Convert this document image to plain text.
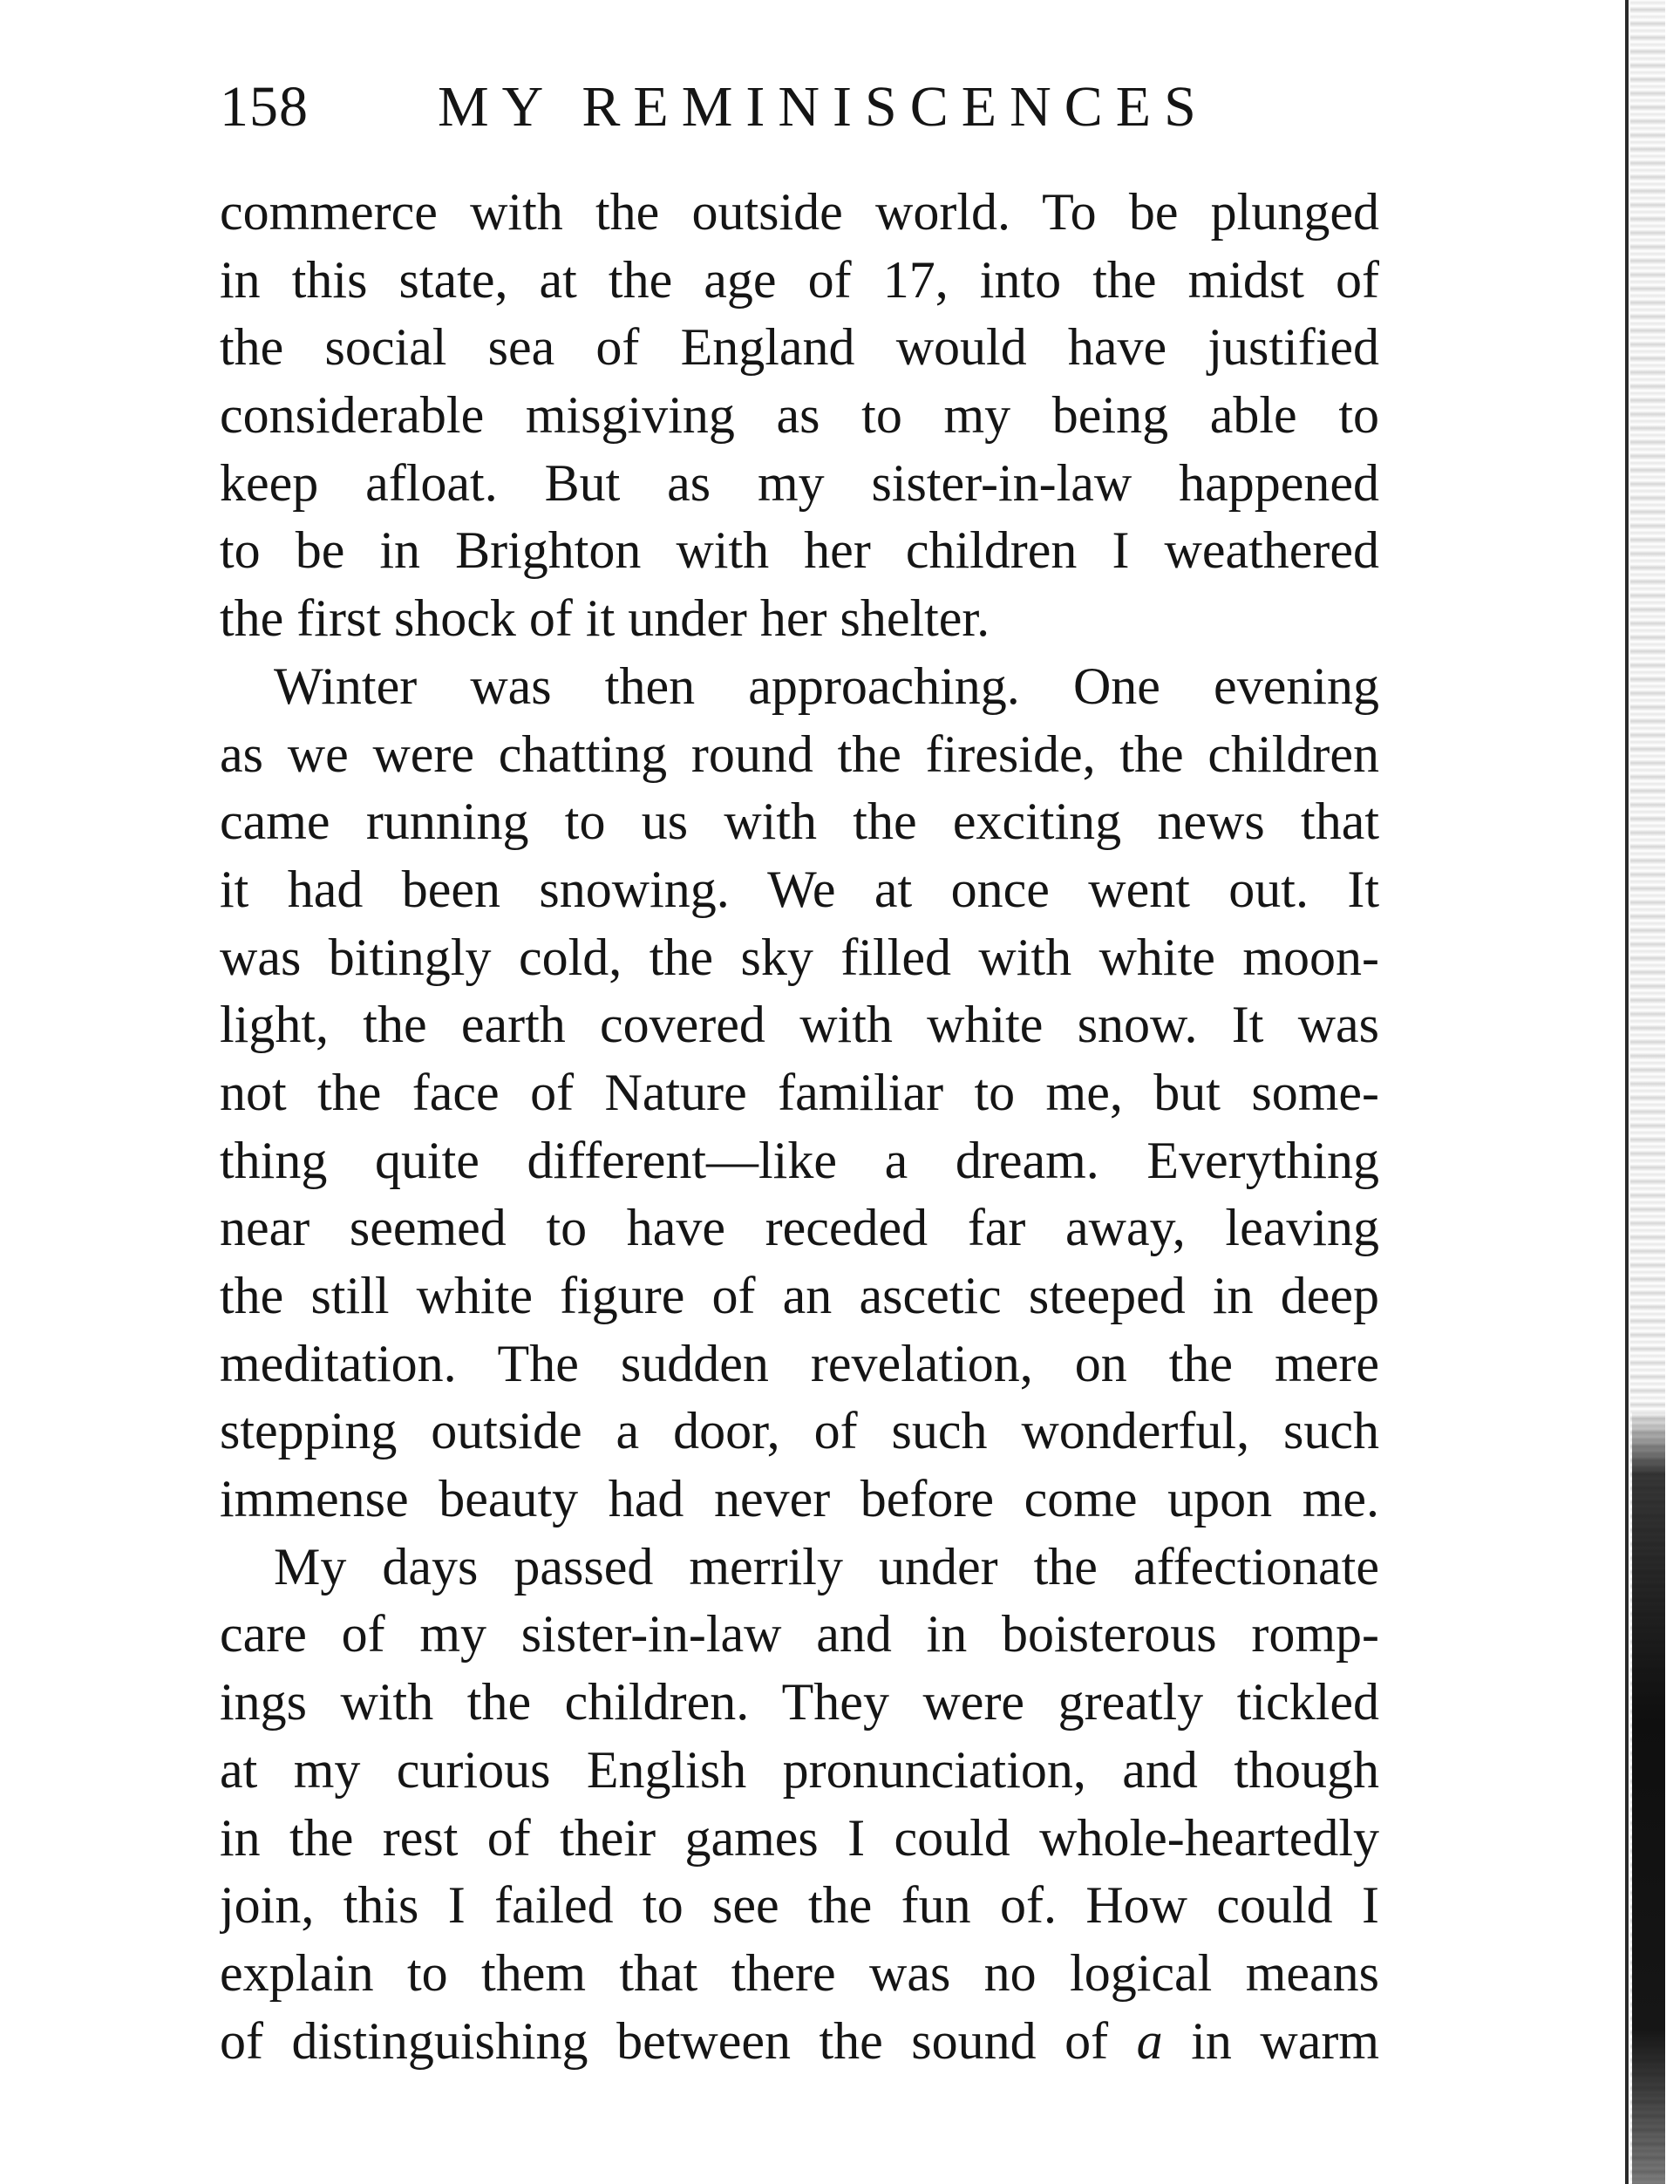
158 MY REMINISCENCES
commerce with the outside world. To be plunged
in this state, at the age of 17, into the midst of
the social sea of England would have justified
considerable misgiving as to my being able to
keep afloat. But as my sister-in-law happened
to be in Brighton with her children I weathered
the first shock of it under her shelter.
Winter was then approaching. One evening
as we were chatting round the fireside, the children
came running to us with the exciting news that
it had been snowing. We at once went out. It
was bitingly cold, the sky filled with white moon-
light, the earth covered with white snow. It was
not the face of Nature familiar to me, but some-
thing quite different—like a dream. Everything
near seemed to have receded far away, leaving
the still white figure of an ascetic steeped in deep
meditation. The sudden revelation, on the mere
stepping outside a door, of such wonderful, such
immense beauty had never before come upon me.
My days passed merrily under the affectionate
care of my sister-in-law and in boisterous romp-
ings with the children. They were greatly tickled
at my curious English pronunciation, and though
in the rest of their games I could whole-heartedly
join, this I failed to see the fun of. How could I
explain to them that there was no logical means
of distinguishing between the sound of a in warm
